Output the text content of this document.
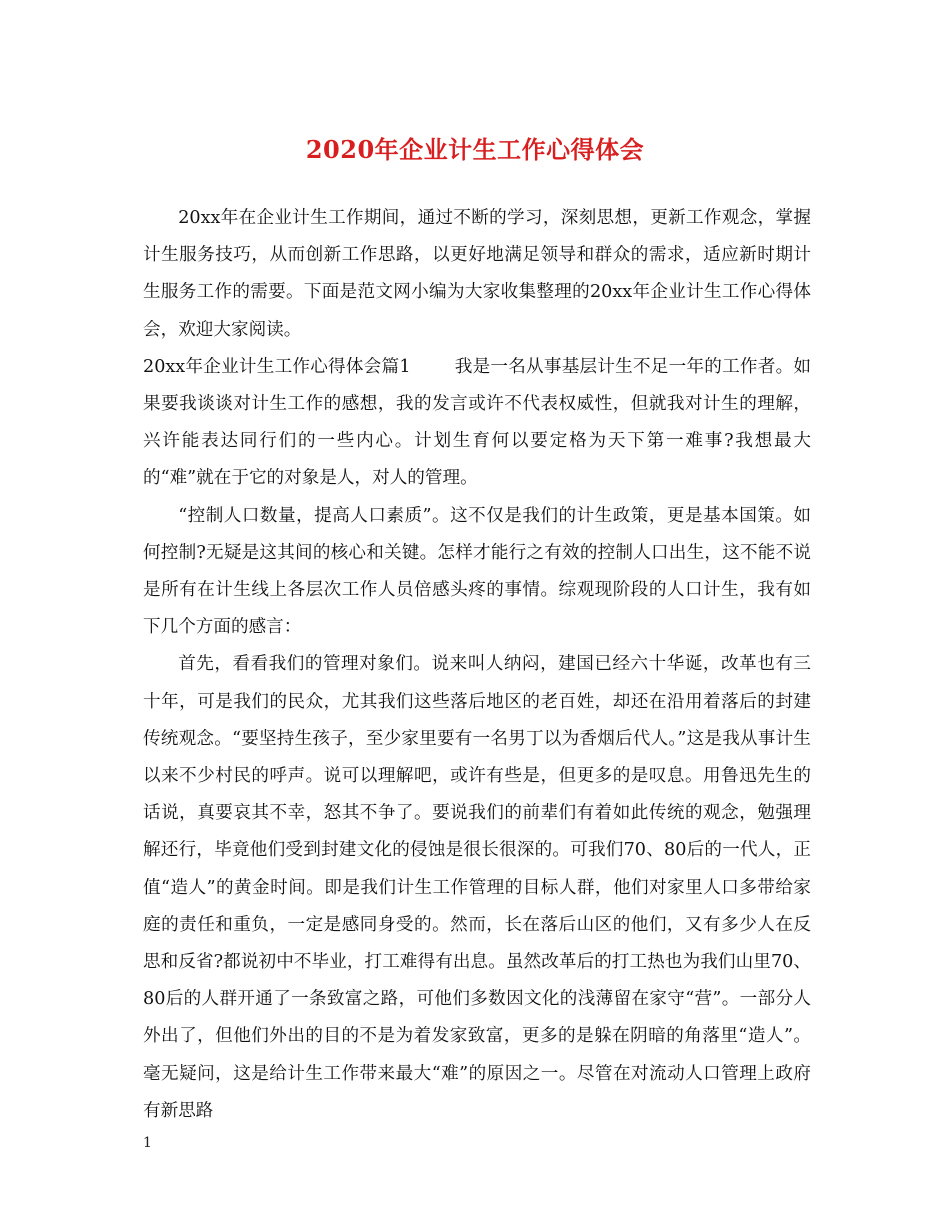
2020年企业计生工作心得体会

20xx年在企业计生工作期间，通过不断的学习，深刻思想，更新工作观念，掌握计生服务技巧，从而创新工作思路，以更好地满足领导和群众的需求，适应新时期计生服务工作的需要。下面是范文网小编为大家收集整理的20xx年企业计生工作心得体会，欢迎大家阅读。

20xx年企业计生工作心得体会篇1	我是一名从事基层计生不足一年的工作者。如果要我谈谈对计生工作的感想，我的发言或许不代表权威性，但就我对计生的理解，兴许能表达同行们的一些内心。计划生育何以要定格为天下第一难事?我想最大的“难”就在于它的对象是人，对人的管理。

“控制人口数量，提高人口素质”。这不仅是我们的计生政策，更是基本国策。如何控制?无疑是这其间的核心和关键。怎样才能行之有效的控制人口出生，这不能不说是所有在计生线上各层次工作人员倍感头疼的事情。综观现阶段的人口计生，我有如下几个方面的感言：

首先，看看我们的管理对象们。说来叫人纳闷，建国已经六十华诞，改革也有三十年，可是我们的民众，尤其我们这些落后地区的老百姓，却还在沿用着落后的封建传统观念。“要坚持生孩子，至少家里要有一名男丁以为香烟后代人。”这是我从事计生以来不少村民的呼声。说可以理解吧，或许有些是，但更多的是叹息。用鲁迅先生的话说，真要哀其不幸，怒其不争了。要说我们的前辈们有着如此传统的观念，勉强理解还行，毕竟他们受到封建文化的侵蚀是很长很深的。可我们70、80后的一代人，正值“造人”的黄金时间。即是我们计生工作管理的目标人群，他们对家里人口多带给家庭的责任和重负，一定是感同身受的。然而，长在落后山区的他们，又有多少人在反思和反省?都说初中不毕业，打工难得有出息。虽然改革后的打工热也为我们山里70、80后的人群开通了一条致富之路，可他们多数因文化的浅薄留在家守“营”。一部分人外出了，但他们外出的目的不是为着发家致富，更多的是躲在阴暗的角落里“造人”。毫无疑问，这是给计生工作带来最大“难”的原因之一。尽管在对流动人口管理上政府有新思路

1
